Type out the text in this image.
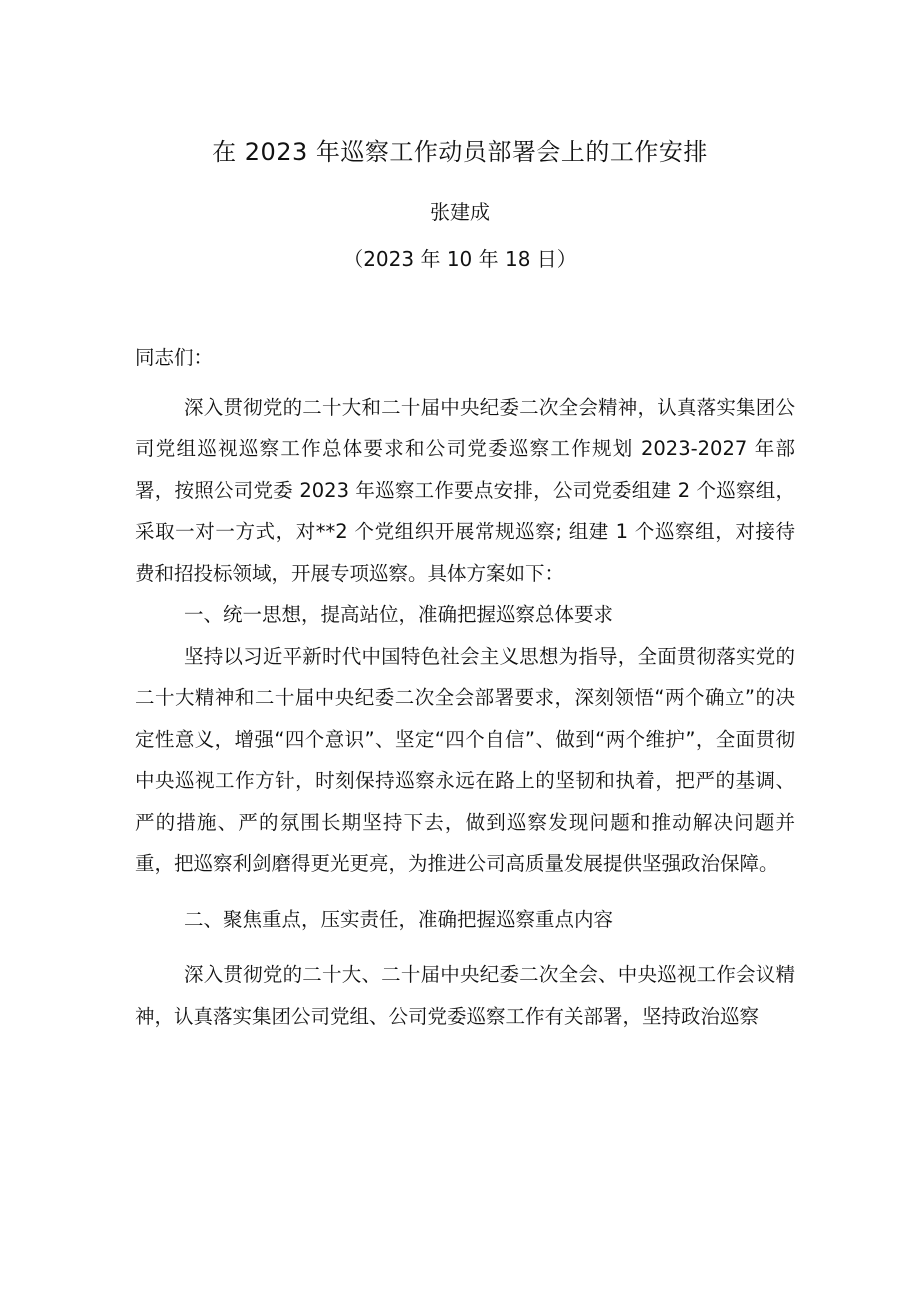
在 2023 年巡察工作动员部署会上的工作安排
张建成
（2023 年 10 年 18 日）

同志们：

深入贯彻党的二十大和二十届中央纪委二次全会精神，认真落实集团公司党组巡视巡察工作总体要求和公司党委巡察工作规划 2023-2027 年部署，按照公司党委 2023 年巡察工作要点安排，公司党委组建 2 个巡察组，采取一对一方式，对**2 个党组织开展常规巡察; 组建 1 个巡察组，对接待费和招投标领域，开展专项巡察。具体方案如下：

一、统一思想，提高站位，准确把握巡察总体要求

坚持以习近平新时代中国特色社会主义思想为指导，全面贯彻落实党的二十大精神和二十届中央纪委二次全会部署要求，深刻领悟“两个确立”的决定性意义，增强“四个意识”、坚定“四个自信”、做到“两个维护”，全面贯彻中央巡视工作方针，时刻保持巡察永远在路上的坚韧和执着，把严的基调、严的措施、严的氛围长期坚持下去，做到巡察发现问题和推动解决问题并重，把巡察利剑磨得更光更亮，为推进公司高质量发展提供坚强政治保障。

二、聚焦重点，压实责任，准确把握巡察重点内容

深入贯彻党的二十大、二十届中央纪委二次全会、中央巡视工作会议精神，认真落实集团公司党组、公司党委巡察工作有关部署，坚持政治巡察
